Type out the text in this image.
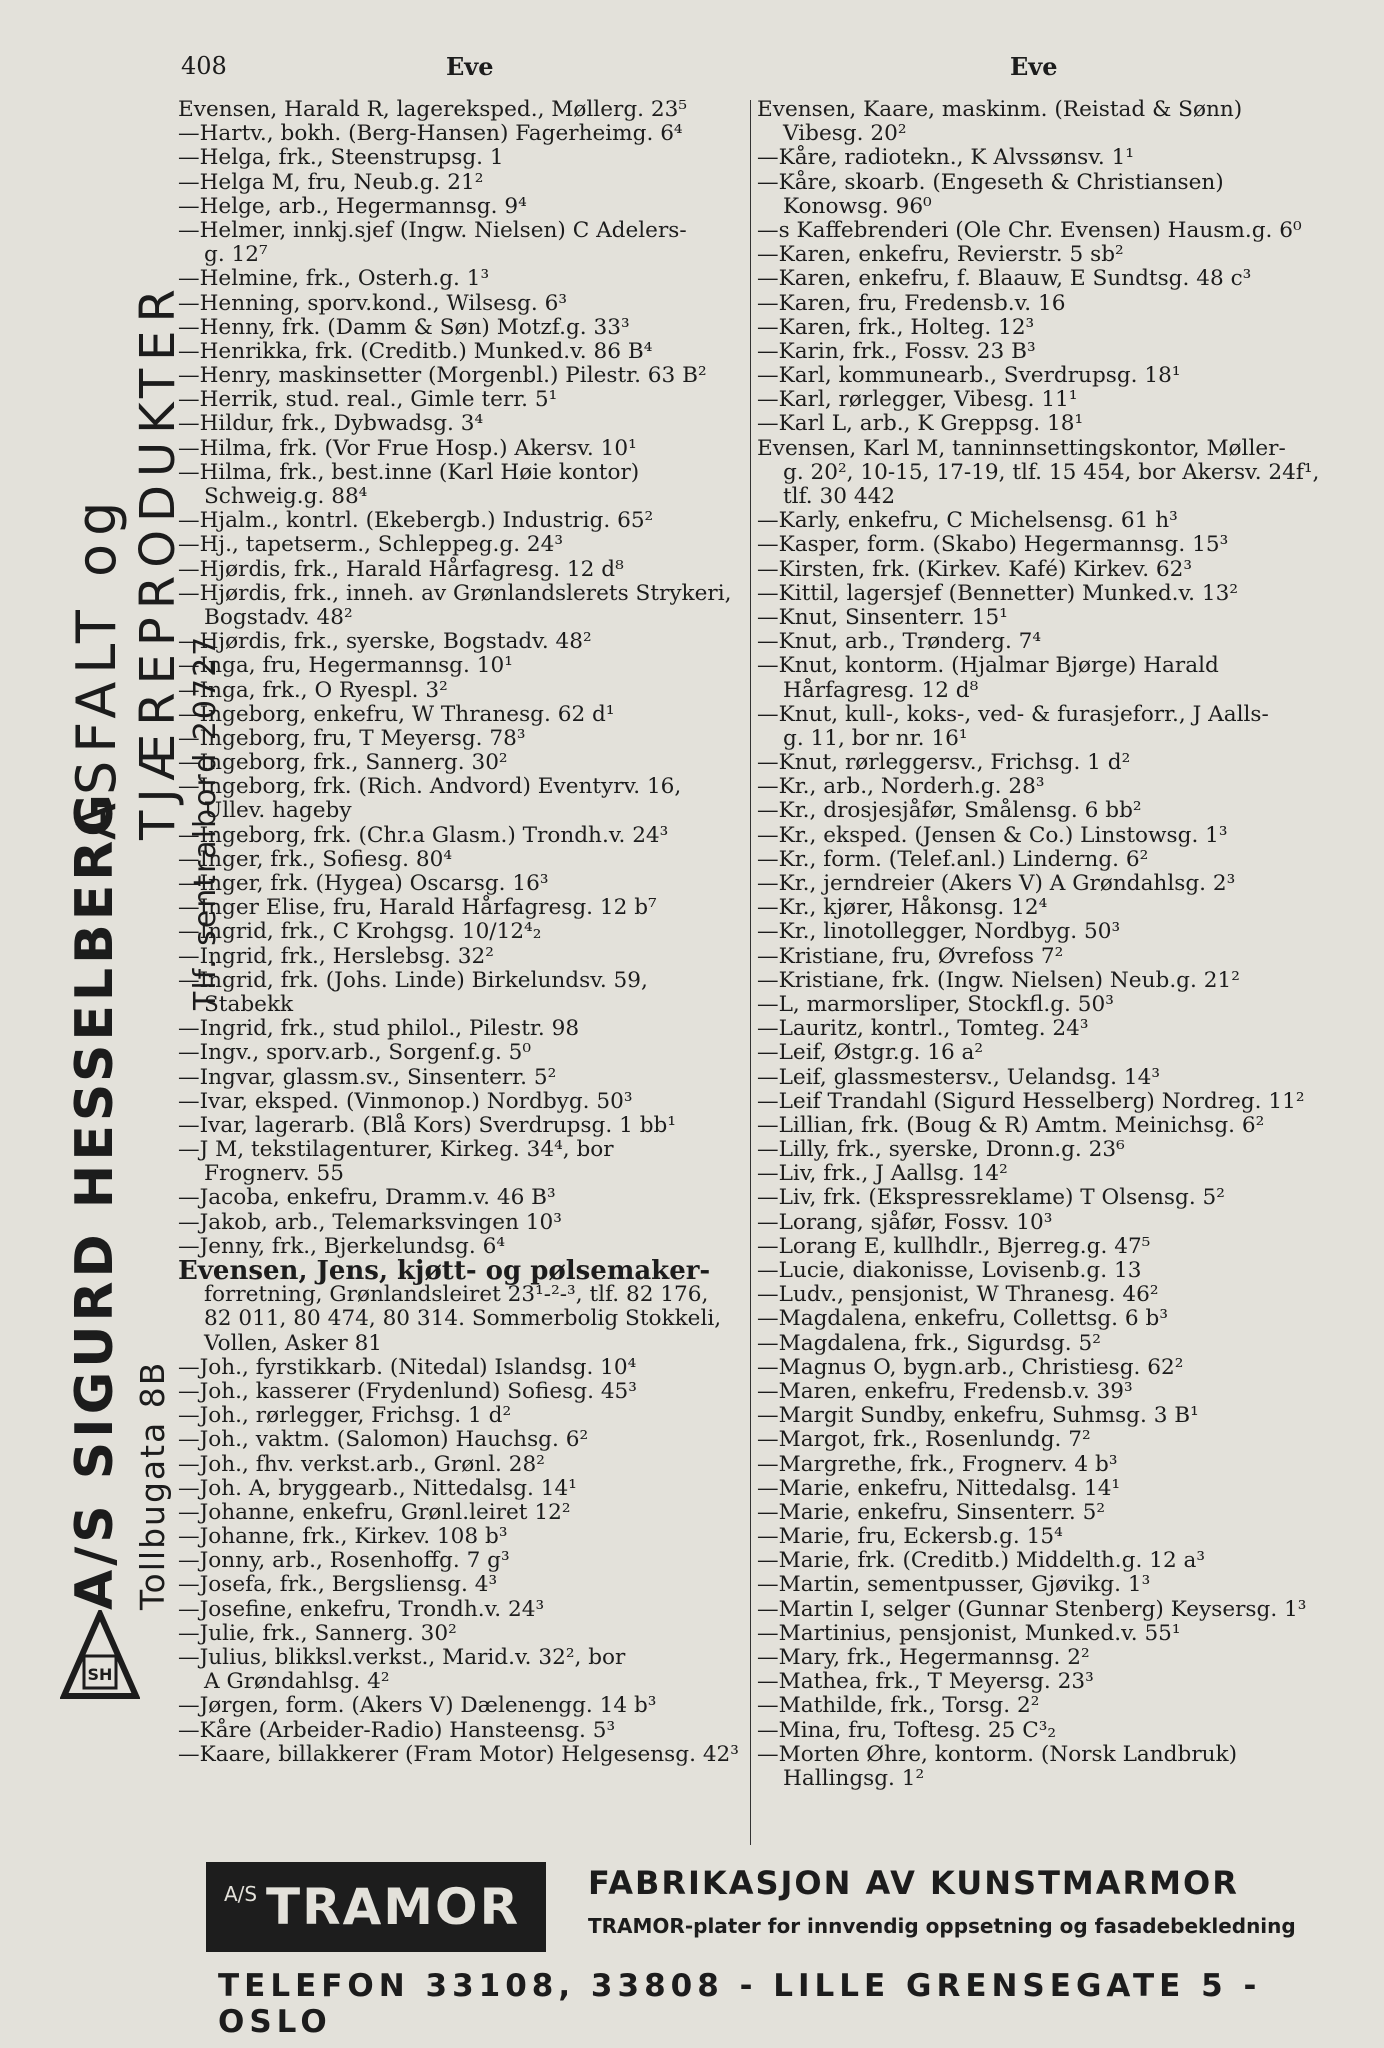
408	Eve	Eve
SH
A/S SIGURD HESSELBERG Tollbugata 8B
Tlf. sentralbord 20727
ASFALT og TJÆREPRODUKTER
Evensen, Harald R, lagereksped., Møllerg. 23⁵
—Hartv., bokh. (Berg-Hansen) Fagerheimg. 6⁴
—Helga, frk., Steenstrupsg. 1
—Helga M, fru, Neub.g. 21²
—Helge, arb., Hegermannsg. 9⁴
—Helmer, innkj.sjef (Ingw. Nielsen) C Adelers-
g. 12⁷
—Helmine, frk., Osterh.g. 1³
—Henning, sporv.kond., Wilsesg. 6³
—Henny, frk. (Damm & Søn) Motzf.g. 33³
—Henrikka, frk. (Creditb.) Munked.v. 86 B⁴
—Henry, maskinsetter (Morgenbl.) Pilestr. 63 B²
—Herrik, stud. real., Gimle terr. 5¹
—Hildur, frk., Dybwadsg. 3⁴
—Hilma, frk. (Vor Frue Hosp.) Akersv. 10¹
—Hilma, frk., best.inne (Karl Høie kontor)
Schweig.g. 88⁴
—Hjalm., kontrl. (Ekebergb.) Industrig. 65²
—Hj., tapetserm., Schleppeg.g. 24³
—Hjørdis, frk., Harald Hårfagresg. 12 d⁸
—Hjørdis, frk., inneh. av Grønlandslerets Strykeri,
Bogstadv. 48²
—Hjørdis, frk., syerske, Bogstadv. 48²
—Inga, fru, Hegermannsg. 10¹
—Inga, frk., O Ryespl. 3²
—Ingeborg, enkefru, W Thranesg. 62 d¹
—Ingeborg, fru, T Meyersg. 78³
—Ingeborg, frk., Sannerg. 30²
—Ingeborg, frk. (Rich. Andvord) Eventyrv. 16,
Ullev. hageby
—Ingeborg, frk. (Chr.a Glasm.) Trondh.v. 24³
—Inger, frk., Sofiesg. 80⁴
—Inger, frk. (Hygea) Oscarsg. 16³
—Inger Elise, fru, Harald Hårfagresg. 12 b⁷
—Ingrid, frk., C Krohgsg. 10/12⁴₂
—Ingrid, frk., Herslebsg. 32²
—Ingrid, frk. (Johs. Linde) Birkelundsv. 59,
Stabekk
—Ingrid, frk., stud philol., Pilestr. 98
—Ingv., sporv.arb., Sorgenf.g. 5⁰
—Ingvar, glassm.sv., Sinsenterr. 5²
—Ivar, eksped. (Vinmonop.) Nordbyg. 50³
—Ivar, lagerarb. (Blå Kors) Sverdrupsg. 1 bb¹
—J M, tekstilagenturer, Kirkeg. 34⁴, bor
Frognerv. 55
—Jacoba, enkefru, Dramm.v. 46 B³
—Jakob, arb., Telemarksvingen 10³
—Jenny, frk., Bjerkelundsg. 6⁴
Evensen, Jens, kjøtt- og pølsemaker-
forretning, Grønlandsleiret 23¹-²-³, tlf. 82 176,
82 011, 80 474, 80 314. Sommerbolig Stokkeli,
Vollen, Asker 81
—Joh., fyrstikkarb. (Nitedal) Islandsg. 10⁴
—Joh., kasserer (Frydenlund) Sofiesg. 45³
—Joh., rørlegger, Frichsg. 1 d²
—Joh., vaktm. (Salomon) Hauchsg. 6²
—Joh., fhv. verkst.arb., Grønl. 28²
—Joh. A, bryggearb., Nittedalsg. 14¹
—Johanne, enkefru, Grønl.leiret 12²
—Johanne, frk., Kirkev. 108 b³
—Jonny, arb., Rosenhoffg. 7 g³
—Josefa, frk., Bergsliensg. 4³
—Josefine, enkefru, Trondh.v. 24³
—Julie, frk., Sannerg. 30²
—Julius, blikksl.verkst., Marid.v. 32², bor
A Grøndahlsg. 4²
—Jørgen, form. (Akers V) Dælenengg. 14 b³
—Kåre (Arbeider-Radio) Hansteensg. 5³
—Kaare, billakkerer (Fram Motor) Helgesensg. 42³
Evensen, Kaare, maskinm. (Reistad & Sønn)
Vibesg. 20²
—Kåre, radiotekn., K Alvssønsv. 1¹
—Kåre, skoarb. (Engeseth & Christiansen)
Konowsg. 96⁰
—s Kaffebrenderi (Ole Chr. Evensen) Hausm.g. 6⁰
—Karen, enkefru, Revierstr. 5 sb²
—Karen, enkefru, f. Blaauw, E Sundtsg. 48 c³
—Karen, fru, Fredensb.v. 16
—Karen, frk., Holteg. 12³
—Karin, frk., Fossv. 23 B³
—Karl, kommunearb., Sverdrupsg. 18¹
—Karl, rørlegger, Vibesg. 11¹
—Karl L, arb., K Greppsg. 18¹
Evensen, Karl M, tanninnsettingskontor, Møller-
g. 20², 10-15, 17-19, tlf. 15 454, bor Akersv. 24f¹,
tlf. 30 442
—Karly, enkefru, C Michelsensg. 61 h³
—Kasper, form. (Skabo) Hegermannsg. 15³
—Kirsten, frk. (Kirkev. Kafé) Kirkev. 62³
—Kittil, lagersjef (Bennetter) Munked.v. 13²
—Knut, Sinsenterr. 15¹
—Knut, arb., Trønderg. 7⁴
—Knut, kontorm. (Hjalmar Bjørge) Harald
Hårfagresg. 12 d⁸
—Knut, kull-, koks-, ved- & furasjeforr., J Aalls-
g. 11, bor nr. 16¹
—Knut, rørleggersv., Frichsg. 1 d²
—Kr., arb., Norderh.g. 28³
—Kr., drosjesjåfør, Smålensg. 6 bb²
—Kr., eksped. (Jensen & Co.) Linstowsg. 1³
—Kr., form. (Telef.anl.) Linderng. 6²
—Kr., jerndreier (Akers V) A Grøndahlsg. 2³
—Kr., kjører, Håkonsg. 12⁴
—Kr., linotollegger, Nordbyg. 50³
—Kristiane, fru, Øvrefoss 7²
—Kristiane, frk. (Ingw. Nielsen) Neub.g. 21²
—L, marmorsliper, Stockfl.g. 50³
—Lauritz, kontrl., Tomteg. 24³
—Leif, Østgr.g. 16 a²
—Leif, glassmestersv., Uelandsg. 14³
—Leif Trandahl (Sigurd Hesselberg) Nordreg. 11²
—Lillian, frk. (Boug & R) Amtm. Meinichsg. 6²
—Lilly, frk., syerske, Dronn.g. 23⁶
—Liv, frk., J Aallsg. 14²
—Liv, frk. (Ekspressreklame) T Olsensg. 5²
—Lorang, sjåfør, Fossv. 10³
—Lorang E, kullhdlr., Bjerreg.g. 47⁵
—Lucie, diakonisse, Lovisenb.g. 13
—Ludv., pensjonist, W Thranesg. 46²
—Magdalena, enkefru, Collettsg. 6 b³
—Magdalena, frk., Sigurdsg. 5²
—Magnus O, bygn.arb., Christiesg. 62²
—Maren, enkefru, Fredensb.v. 39³
—Margit Sundby, enkefru, Suhmsg. 3 B¹
—Margot, frk., Rosenlundg. 7²
—Margrethe, frk., Frognerv. 4 b³
—Marie, enkefru, Nittedalsg. 14¹
—Marie, enkefru, Sinsenterr. 5²
—Marie, fru, Eckersb.g. 15⁴
—Marie, frk. (Creditb.) Middelth.g. 12 a³
—Martin, sementpusser, Gjøvikg. 1³
—Martin I, selger (Gunnar Stenberg) Keysersg. 1³
—Martinius, pensjonist, Munked.v. 55¹
—Mary, frk., Hegermannsg. 2²
—Mathea, frk., T Meyersg. 23³
—Mathilde, frk., Torsg. 2²
—Mina, fru, Toftesg. 25 C³₂
—Morten Øhre, kontorm. (Norsk Landbruk)
Hallingsg. 1²
A/S TRAMOR FABRIKASJON AV KUNSTMARMOR
TRAMOR-plater for innvendig oppsetning og fasadebekledning
TELEFON 33108, 33808 - LILLE GRENSEGATE 5 - OSLO
